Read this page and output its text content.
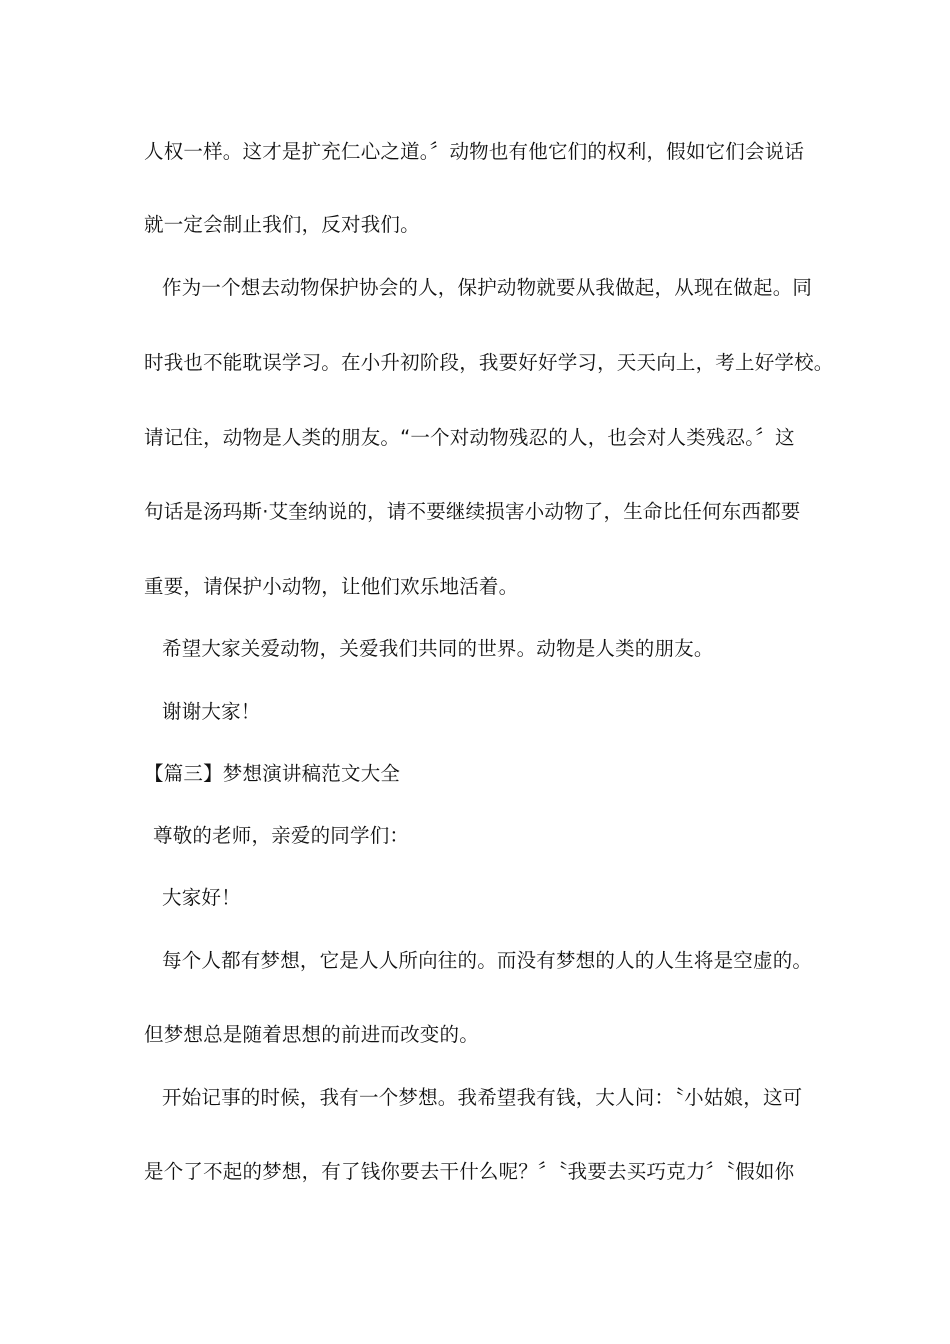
人权一样。这才是扩充仁心之道。〞动物也有他它们的权利，假如它们会说话
就一定会制止我们，反对我们。
作为一个想去动物保护协会的人，保护动物就要从我做起，从现在做起。同
时我也不能耽误学习。在小升初阶段，我要好好学习，天天向上，考上好学校。
请记住，动物是人类的朋友。“一个对动物残忍的人，也会对人类残忍。〞这
句话是汤玛斯·艾奎纳说的，请不要继续损害小动物了，生命比任何东西都要
重要，请保护小动物，让他们欢乐地活着。
希望大家关爱动物，关爱我们共同的世界。动物是人类的朋友。
谢谢大家！
【篇三】梦想演讲稿范文大全
尊敬的老师，亲爱的同学们：
大家好！
每个人都有梦想，它是人人所向往的。而没有梦想的人的人生将是空虚的。
但梦想总是随着思想的前进而改变的。
开始记事的时候，我有一个梦想。我希望我有钱，大人问：〝小姑娘，这可
是个了不起的梦想，有了钱你要去干什么呢？〞〝我要去买巧克力〞〝假如你
